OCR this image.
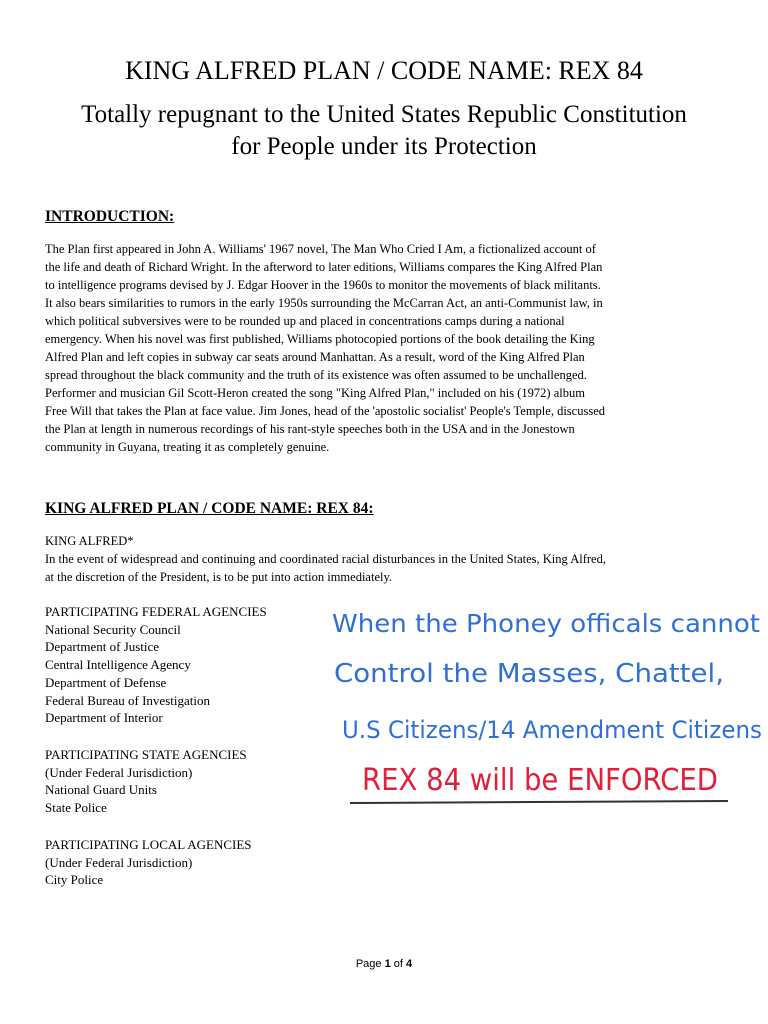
KING ALFRED PLAN / CODE NAME: REX 84
Totally repugnant to the United States Republic Constitution
for People under its Protection
INTRODUCTION:
The Plan first appeared in John A. Williams' 1967 novel, The Man Who Cried I Am, a fictionalized account of
the life and death of Richard Wright. In the afterword to later editions, Williams compares the King Alfred Plan
to intelligence programs devised by J. Edgar Hoover in the 1960s to monitor the movements of black militants.
It also bears similarities to rumors in the early 1950s surrounding the McCarran Act, an anti-Communist law, in
which political subversives were to be rounded up and placed in concentrations camps during a national
emergency. When his novel was first published, Williams photocopied portions of the book detailing the King
Alfred Plan and left copies in subway car seats around Manhattan. As a result, word of the King Alfred Plan
spread throughout the black community and the truth of its existence was often assumed to be unchallenged.
Performer and musician Gil Scott-Heron created the song "King Alfred Plan," included on his (1972) album
Free Will that takes the Plan at face value. Jim Jones, head of the 'apostolic socialist' People's Temple, discussed
the Plan at length in numerous recordings of his rant-style speeches both in the USA and in the Jonestown
community in Guyana, treating it as completely genuine.
KING ALFRED PLAN / CODE NAME: REX 84:
KING ALFRED*
In the event of widespread and continuing and coordinated racial disturbances in the United States, King Alfred,
at the discretion of the President, is to be put into action immediately.
PARTICIPATING FEDERAL AGENCIES
National Security Council
Department of Justice
Central Intelligence Agency
Department of Defense
Federal Bureau of Investigation
Department of Interior
PARTICIPATING STATE AGENCIES
(Under Federal Jurisdiction)
National Guard Units
State Police
PARTICIPATING LOCAL AGENCIES
(Under Federal Jurisdiction)
City Police
When the Phoney officals cannot
Control the Masses, Chattel,
U.S Citizens/14 Amendment Citizens
REX 84 will be ENFORCED
Page 1 of 4
